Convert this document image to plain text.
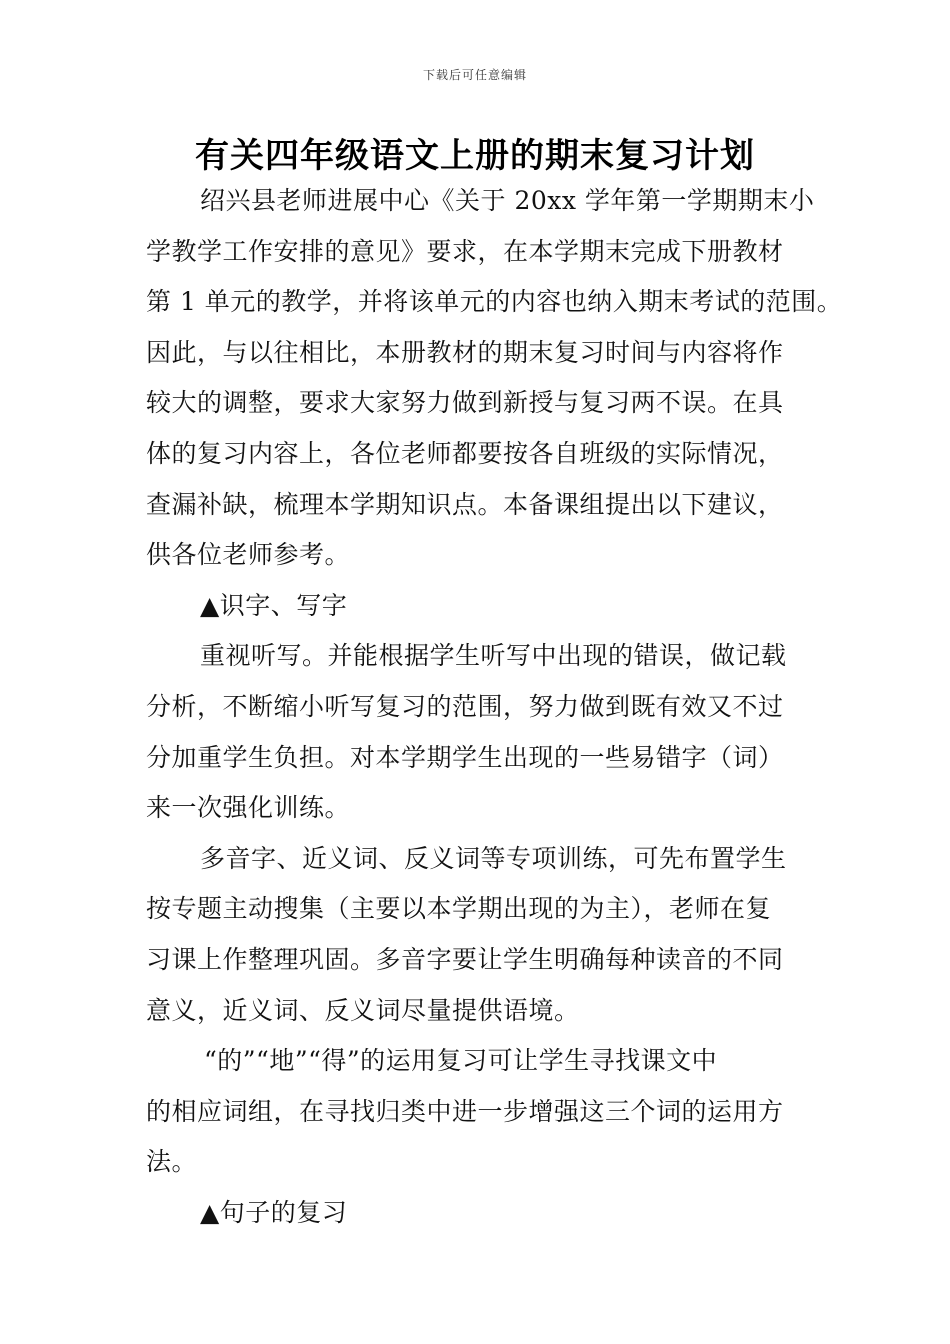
下载后可任意编辑
有关四年级语文上册的期末复习计划
绍兴县老师进展中心《关于 20xx 学年第一学期期末小
学教学工作安排的意见》要求，在本学期末完成下册教材
第 1 单元的教学，并将该单元的内容也纳入期末考试的范围。
因此，与以往相比，本册教材的期末复习时间与内容将作
较大的调整，要求大家努力做到新授与复习两不误。在具
体的复习内容上，各位老师都要按各自班级的实际情况，
查漏补缺，梳理本学期知识点。本备课组提出以下建议，
供各位老师参考。
▲识字、写字
重视听写。并能根据学生听写中出现的错误，做记载
分析，不断缩小听写复习的范围，努力做到既有效又不过
分加重学生负担。对本学期学生出现的一些易错字（词）
来一次强化训练。
多音字、近义词、反义词等专项训练，可先布置学生
按专题主动搜集（主要以本学期出现的为主），老师在复
习课上作整理巩固。多音字要让学生明确每种读音的不同
意义，近义词、反义词尽量提供语境。
“的”“地”“得”的运用复习可让学生寻找课文中
的相应词组，在寻找归类中进一步增强这三个词的运用方
法。
▲句子的复习
